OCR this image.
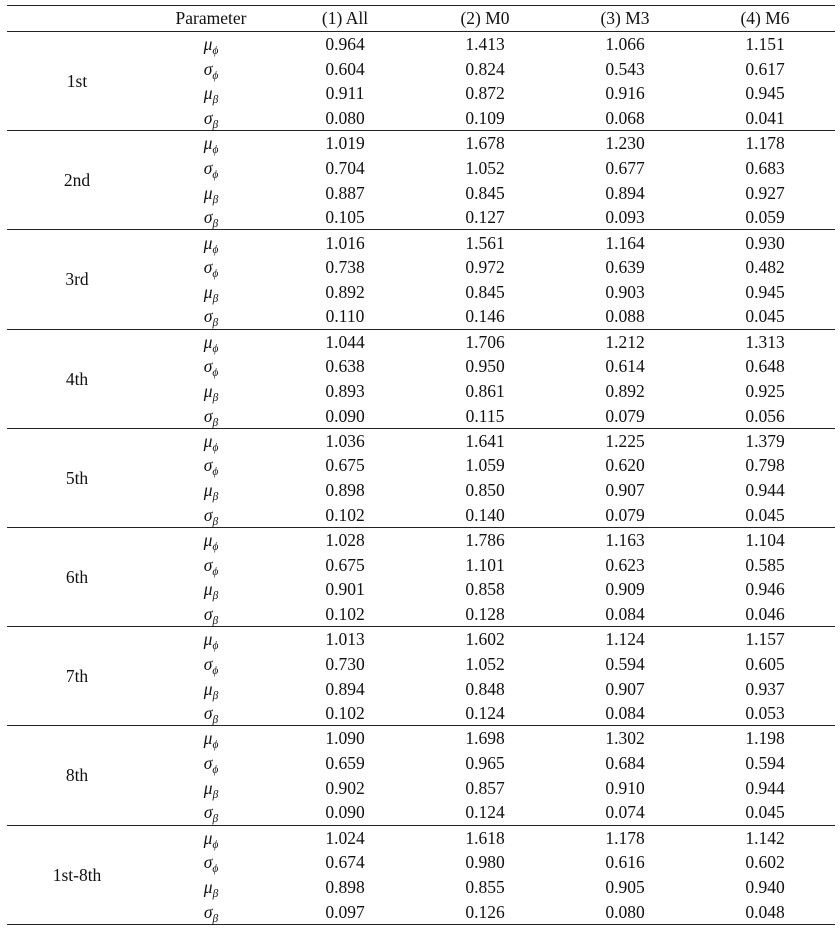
	Parameter	(1) All	(2) M0	(3) M3	(4) M6
1st	$\mu_\phi$	0.964	1.413	1.066	1.151
	$\sigma_\phi$	0.604	0.824	0.543	0.617
	$\mu_\beta$	0.911	0.872	0.916	0.945
	$\sigma_\beta$	0.080	0.109	0.068	0.041
2nd	$\mu_\phi$	1.019	1.678	1.230	1.178
	$\sigma_\phi$	0.704	1.052	0.677	0.683
	$\mu_\beta$	0.887	0.845	0.894	0.927
	$\sigma_\beta$	0.105	0.127	0.093	0.059
3rd	$\mu_\phi$	1.016	1.561	1.164	0.930
	$\sigma_\phi$	0.738	0.972	0.639	0.482
	$\mu_\beta$	0.892	0.845	0.903	0.945
	$\sigma_\beta$	0.110	0.146	0.088	0.045
4th	$\mu_\phi$	1.044	1.706	1.212	1.313
	$\sigma_\phi$	0.638	0.950	0.614	0.648
	$\mu_\beta$	0.893	0.861	0.892	0.925
	$\sigma_\beta$	0.090	0.115	0.079	0.056
5th	$\mu_\phi$	1.036	1.641	1.225	1.379
	$\sigma_\phi$	0.675	1.059	0.620	0.798
	$\mu_\beta$	0.898	0.850	0.907	0.944
	$\sigma_\beta$	0.102	0.140	0.079	0.045
6th	$\mu_\phi$	1.028	1.786	1.163	1.104
	$\sigma_\phi$	0.675	1.101	0.623	0.585
	$\mu_\beta$	0.901	0.858	0.909	0.946
	$\sigma_\beta$	0.102	0.128	0.084	0.046
7th	$\mu_\phi$	1.013	1.602	1.124	1.157
	$\sigma_\phi$	0.730	1.052	0.594	0.605
	$\mu_\beta$	0.894	0.848	0.907	0.937
	$\sigma_\beta$	0.102	0.124	0.084	0.053
8th	$\mu_\phi$	1.090	1.698	1.302	1.198
	$\sigma_\phi$	0.659	0.965	0.684	0.594
	$\mu_\beta$	0.902	0.857	0.910	0.944
	$\sigma_\beta$	0.090	0.124	0.074	0.045
1st-8th	$\mu_\phi$	1.024	1.618	1.178	1.142
	$\sigma_\phi$	0.674	0.980	0.616	0.602
	$\mu_\beta$	0.898	0.855	0.905	0.940
	$\sigma_\beta$	0.097	0.126	0.080	0.048
